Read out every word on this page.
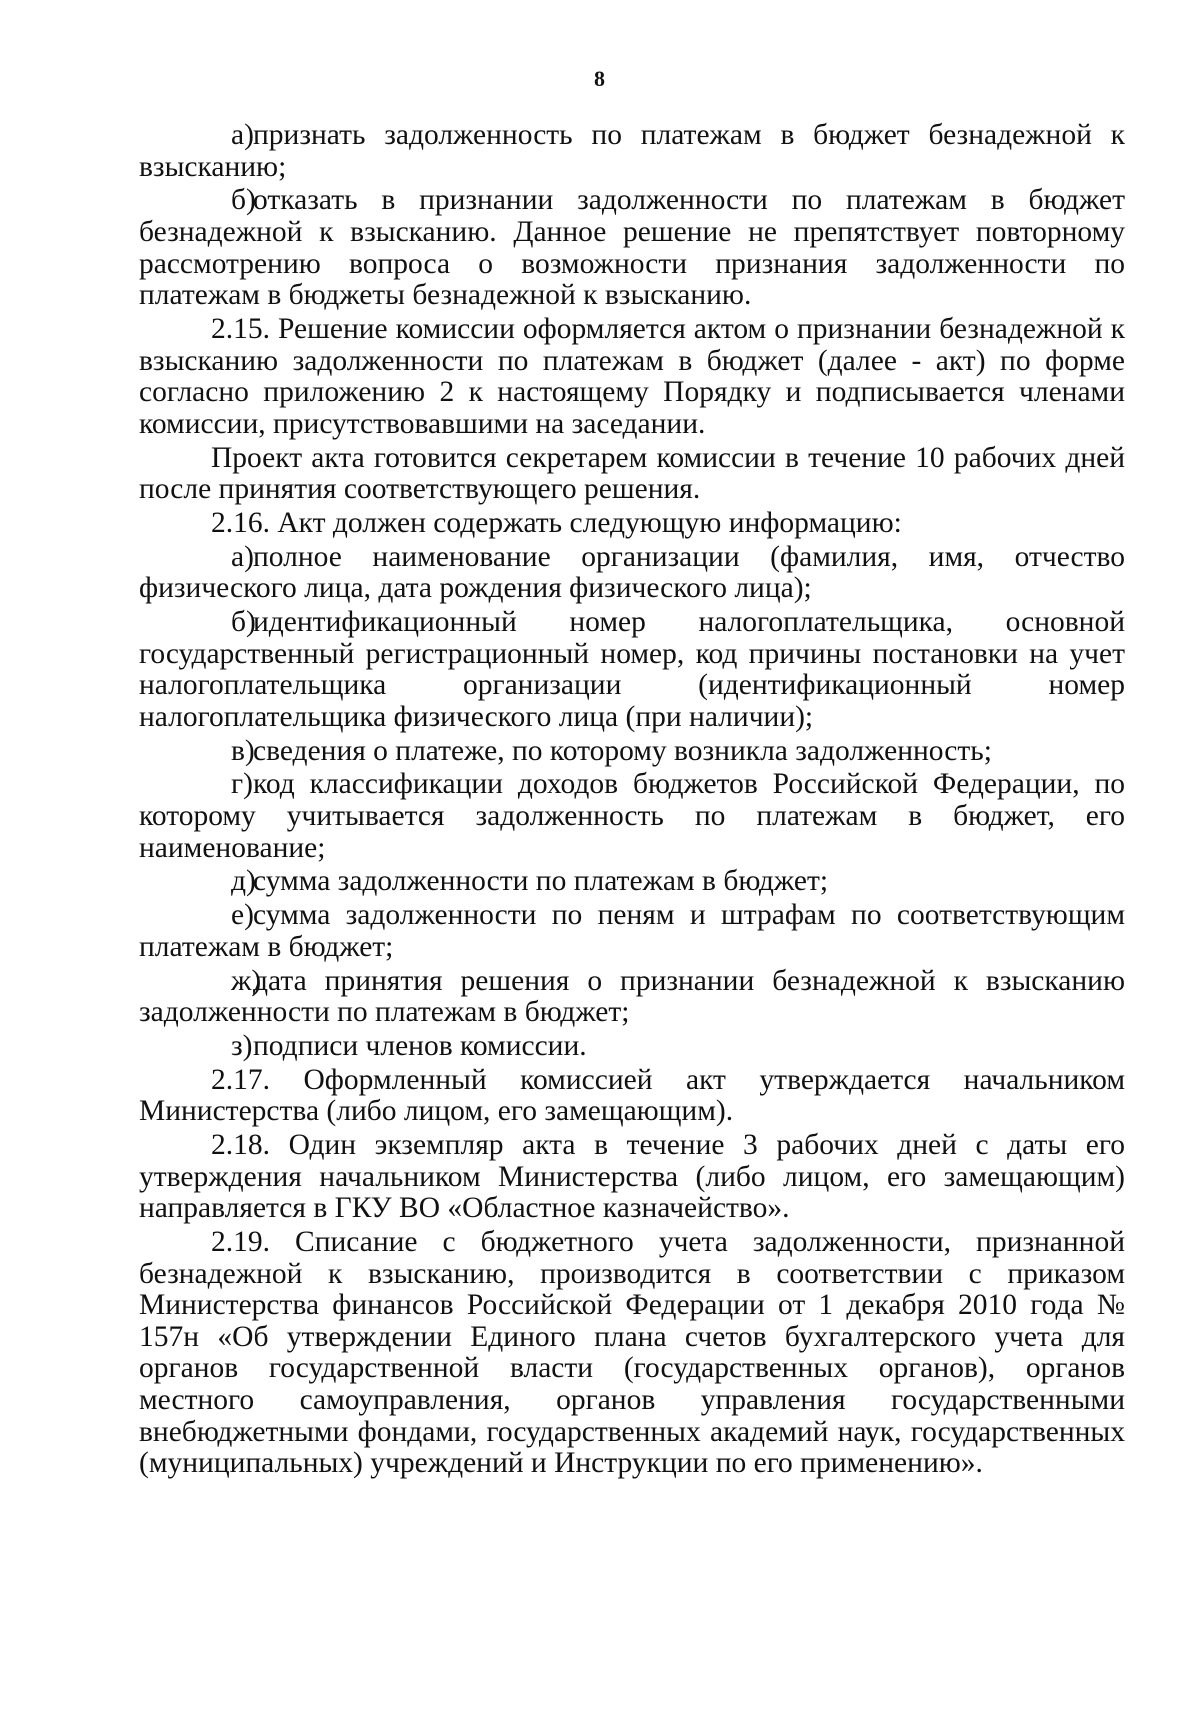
8

а)признать задолженность по платежам в бюджет безнадежной к взысканию;

б)отказать в признании задолженности по платежам в бюджет безнадежной к взысканию. Данное решение не препятствует повторному рассмотрению вопроса о возможности признания задолженности по платежам в бюджеты безнадежной к взысканию.

2.15. Решение комиссии оформляется актом о признании безнадежной к взысканию задолженности по платежам в бюджет (далее - акт) по форме согласно приложению 2 к настоящему Порядку и подписывается членами комиссии, присутствовавшими на заседании.

Проект акта готовится секретарем комиссии в течение 10 рабочих дней после принятия соответствующего решения.

2.16. Акт должен содержать следующую информацию:

а)полное наименование организации (фамилия, имя, отчество физического лица, дата рождения физического лица);

б)идентификационный номер налогоплательщика, основной государственный регистрационный номер, код причины постановки на учет налогоплательщика организации (идентификационный номер налогоплательщика физического лица (при наличии);

в)сведения о платеже, по которому возникла задолженность;

г)код классификации доходов бюджетов Российской Федерации, по которому учитывается задолженность по платежам в бюджет, его наименование;

д)сумма задолженности по платежам в бюджет;

е)сумма задолженности по пеням и штрафам по соответствующим платежам в бюджет;

ж)дата принятия решения о признании безнадежной к взысканию задолженности по платежам в бюджет;

з)подписи членов комиссии.

2.17. Оформленный комиссией акт утверждается начальником Министерства (либо лицом, его замещающим).

2.18. Один экземпляр акта в течение 3 рабочих дней с даты его утверждения начальником Министерства (либо лицом, его замещающим) направляется в ГКУ ВО «Областное казначейство».

2.19. Списание с бюджетного учета задолженности, признанной безнадежной к взысканию, производится в соответствии с приказом Министерства финансов Российской Федерации от 1 декабря 2010 года № 157н «Об утверждении Единого плана счетов бухгалтерского учета для органов государственной власти (государственных органов), органов местного самоуправления, органов управления государственными внебюджетными фондами, государственных академий наук, государственных (муниципальных) учреждений и Инструкции по его применению».
